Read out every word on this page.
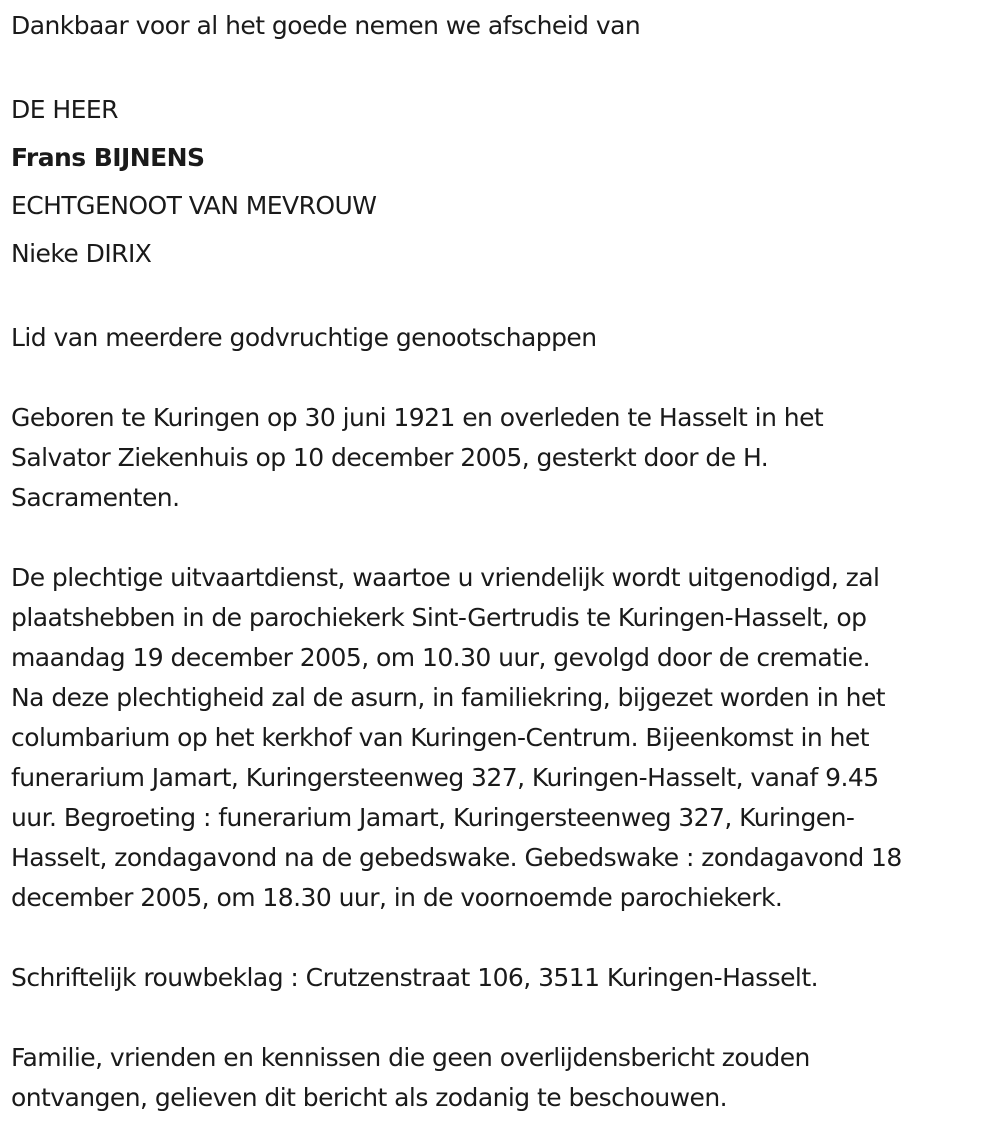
Dankbaar voor al het goede nemen we afscheid van
DE HEER
Frans BIJNENS
ECHTGENOOT VAN MEVROUW
Nieke DIRIX
Lid van meerdere godvruchtige genootschappen
Geboren te Kuringen op 30 juni 1921 en overleden te Hasselt in het
Salvator Ziekenhuis op 10 december 2005, gesterkt door de H.
Sacramenten.
De plechtige uitvaartdienst, waartoe u vriendelijk wordt uitgenodigd, zal
plaatshebben in de parochiekerk Sint-Gertrudis te Kuringen-Hasselt, op
maandag 19 december 2005, om 10.30 uur, gevolgd door de crematie.
Na deze plechtigheid zal de asurn, in familiekring, bijgezet worden in het
columbarium op het kerkhof van Kuringen-Centrum. Bijeenkomst in het
funerarium Jamart, Kuringersteenweg 327, Kuringen-Hasselt, vanaf 9.45
uur. Begroeting : funerarium Jamart, Kuringersteenweg 327, Kuringen-
Hasselt, zondagavond na de gebedswake. Gebedswake : zondagavond 18
december 2005, om 18.30 uur, in de voornoemde parochiekerk.
Schriftelijk rouwbeklag : Crutzenstraat 106, 3511 Kuringen-Hasselt.
Familie, vrienden en kennissen die geen overlijdensbericht zouden
ontvangen, gelieven dit bericht als zodanig te beschouwen.
